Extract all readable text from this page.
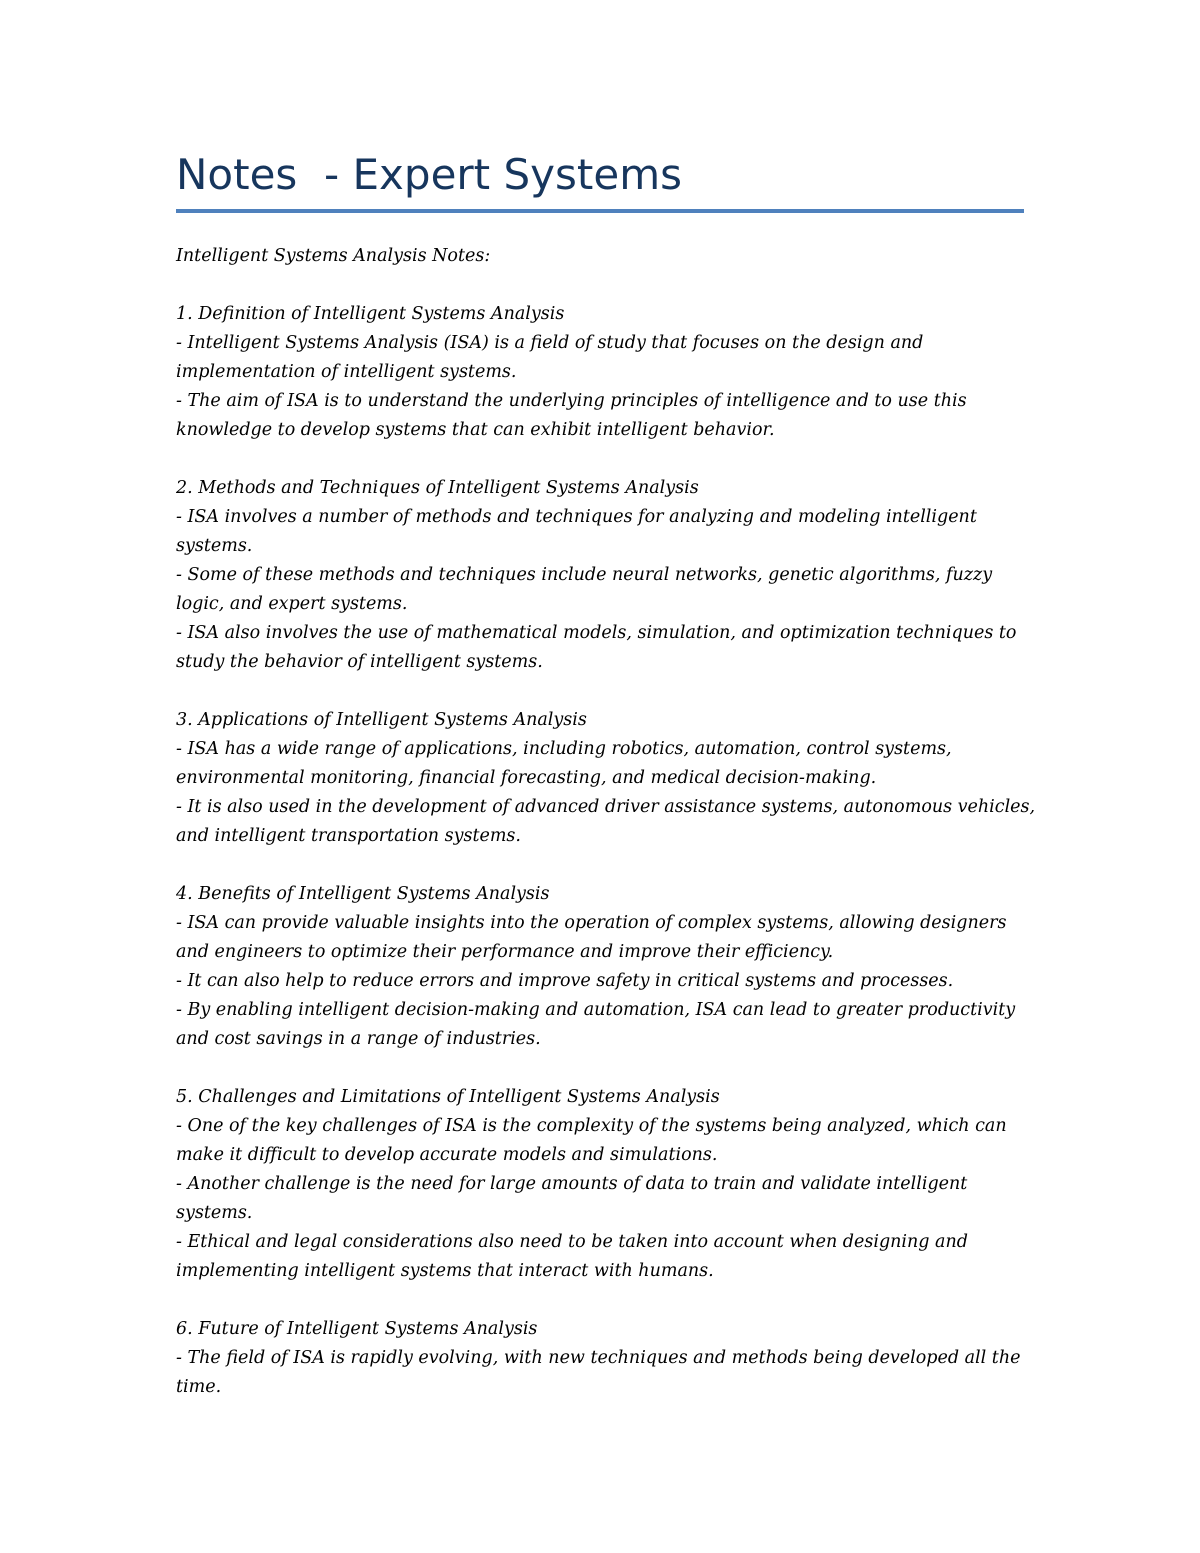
Notes  - Expert Systems

Intelligent Systems Analysis Notes:

1. Definition of Intelligent Systems Analysis

- Intelligent Systems Analysis (ISA) is a field of study that focuses on the design and

implementation of intelligent systems.

- The aim of ISA is to understand the underlying principles of intelligence and to use this

knowledge to develop systems that can exhibit intelligent behavior.

2. Methods and Techniques of Intelligent Systems Analysis

- ISA involves a number of methods and techniques for analyzing and modeling intelligent

systems.

- Some of these methods and techniques include neural networks, genetic algorithms, fuzzy

logic, and expert systems.

- ISA also involves the use of mathematical models, simulation, and optimization techniques to

study the behavior of intelligent systems.

3. Applications of Intelligent Systems Analysis

- ISA has a wide range of applications, including robotics, automation, control systems,

environmental monitoring, financial forecasting, and medical decision-making.

- It is also used in the development of advanced driver assistance systems, autonomous vehicles,

and intelligent transportation systems.

4. Benefits of Intelligent Systems Analysis

- ISA can provide valuable insights into the operation of complex systems, allowing designers

and engineers to optimize their performance and improve their efficiency.

- It can also help to reduce errors and improve safety in critical systems and processes.

- By enabling intelligent decision-making and automation, ISA can lead to greater productivity

and cost savings in a range of industries.

5. Challenges and Limitations of Intelligent Systems Analysis

- One of the key challenges of ISA is the complexity of the systems being analyzed, which can

make it difficult to develop accurate models and simulations.

- Another challenge is the need for large amounts of data to train and validate intelligent

systems.

- Ethical and legal considerations also need to be taken into account when designing and

implementing intelligent systems that interact with humans.

6. Future of Intelligent Systems Analysis

- The field of ISA is rapidly evolving, with new techniques and methods being developed all the

time.
